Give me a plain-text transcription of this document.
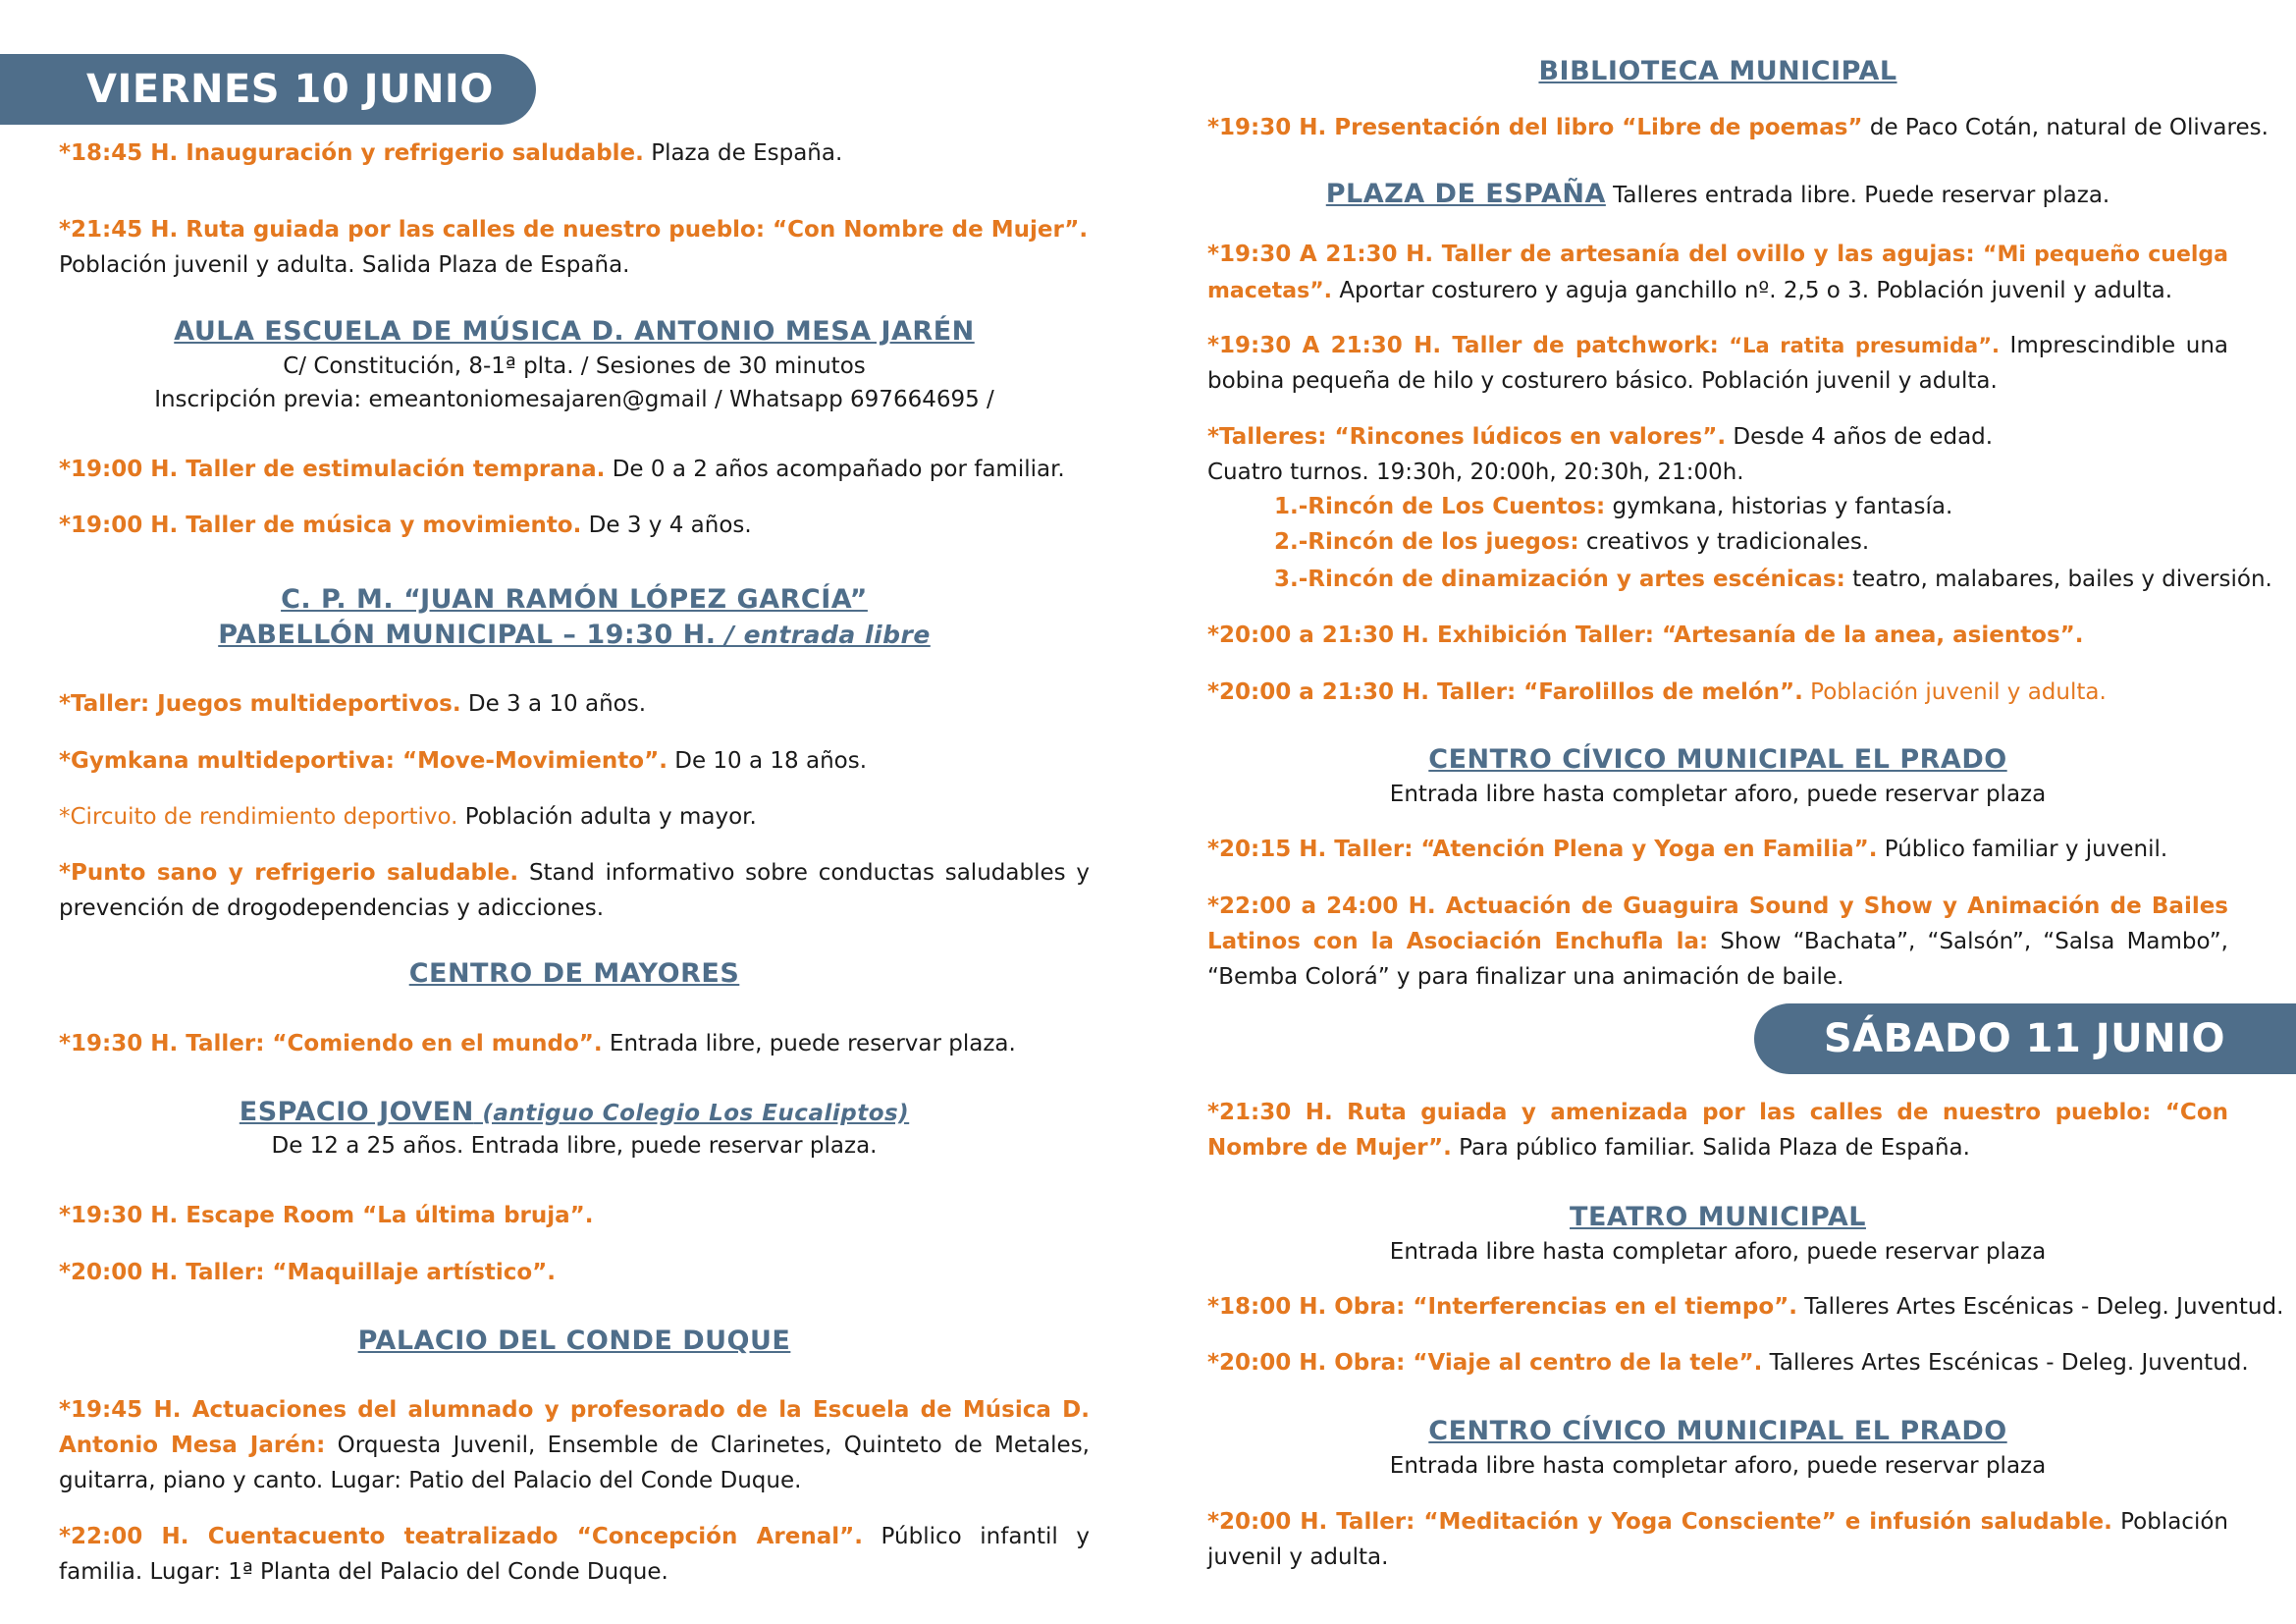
VIERNES 10 JUNIO
*18:45 H. Inauguración y refrigerio saludable. Plaza de España.
*21:45 H. Ruta guiada por las calles de nuestro pueblo: “Con Nombre de Mujer”.
Población juvenil y adulta. Salida Plaza de España.
AULA ESCUELA DE MÚSICA D. ANTONIO MESA JARÉN
C/ Constitución, 8-1ª plta. / Sesiones de 30 minutos
Inscripción previa: emeantoniomesajaren@gmail / Whatsapp 697664695 /
*19:00 H. Taller de estimulación temprana. De 0 a 2 años acompañado por familiar.
*19:00 H. Taller de música y movimiento. De 3 y 4 años.
C. P. M. “JUAN RAMÓN LÓPEZ GARCÍA”
PABELLÓN MUNICIPAL – 19:30 H. / entrada libre
*Taller: Juegos multideportivos. De 3 a 10 años.
*Gymkana multideportiva: “Move-Movimiento”. De 10 a 18 años.
*Circuito de rendimiento deportivo. Población adulta y mayor.
*Punto sano y refrigerio saludable. Stand informativo sobre conductas saludables y prevención de drogodependencias y adicciones.
CENTRO DE MAYORES
*19:30 H. Taller: “Comiendo en el mundo”. Entrada libre, puede reservar plaza.
ESPACIO JOVEN (antiguo Colegio Los Eucaliptos)
De 12 a 25 años. Entrada libre, puede reservar plaza.
*19:30 H. Escape Room “La última bruja”.
*20:00 H. Taller: “Maquillaje artístico”.
PALACIO DEL CONDE DUQUE
*19:45 H. Actuaciones del alumnado y profesorado de la Escuela de Música D. Antonio Mesa Jarén: Orquesta Juvenil, Ensemble de Clarinetes, Quinteto de Metales, guitarra, piano y canto. Lugar: Patio del Palacio del Conde Duque.
*22:00 H. Cuentacuento teatralizado “Concepción Arenal”. Público infantil y familia. Lugar: 1ª Planta del Palacio del Conde Duque.
BIBLIOTECA MUNICIPAL
*19:30 H. Presentación del libro “Libre de poemas” de Paco Cotán, natural de Olivares.
PLAZA DE ESPAÑA Talleres entrada libre. Puede reservar plaza.
*19:30 A 21:30 H. Taller de artesanía del ovillo y las agujas: “Mi pequeño cuelga macetas”. Aportar costurero y aguja ganchillo nº. 2,5 o 3. Población juvenil y adulta.
*19:30 A 21:30 H. Taller de patchwork: “La ratita presumida”. Imprescindible una bobina pequeña de hilo y costurero básico. Población juvenil y adulta.
*Talleres: “Rincones lúdicos en valores”. Desde 4 años de edad.
Cuatro turnos. 19:30h, 20:00h, 20:30h, 21:00h.
1.-Rincón de Los Cuentos: gymkana, historias y fantasía.
2.-Rincón de los juegos: creativos y tradicionales.
3.-Rincón de dinamización y artes escénicas: teatro, malabares, bailes y diversión.
*20:00 a 21:30 H. Exhibición Taller: “Artesanía de la anea, asientos”.
*20:00 a 21:30 H. Taller: “Farolillos de melón”. Población juvenil y adulta.
CENTRO CÍVICO MUNICIPAL EL PRADO
Entrada libre hasta completar aforo, puede reservar plaza
*20:15 H. Taller: “Atención Plena y Yoga en Familia”. Público familiar y juvenil.
*22:00 a 24:00 H. Actuación de Guaguira Sound y Show y Animación de Bailes Latinos con la Asociación Enchufla la: Show “Bachata”, “Salsón”, “Salsa Mambo”, “Bemba Colorá” y para finalizar una animación de baile.
SÁBADO 11 JUNIO
*21:30 H. Ruta guiada y amenizada por las calles de nuestro pueblo: “Con Nombre de Mujer”. Para público familiar. Salida Plaza de España.
TEATRO MUNICIPAL
Entrada libre hasta completar aforo, puede reservar plaza
*18:00 H. Obra: “Interferencias en el tiempo”. Talleres Artes Escénicas - Deleg. Juventud.
*20:00 H. Obra: “Viaje al centro de la tele”. Talleres Artes Escénicas - Deleg. Juventud.
CENTRO CÍVICO MUNICIPAL EL PRADO
Entrada libre hasta completar aforo, puede reservar plaza
*20:00 H. Taller: “Meditación y Yoga Consciente” e infusión saludable. Población juvenil y adulta.
